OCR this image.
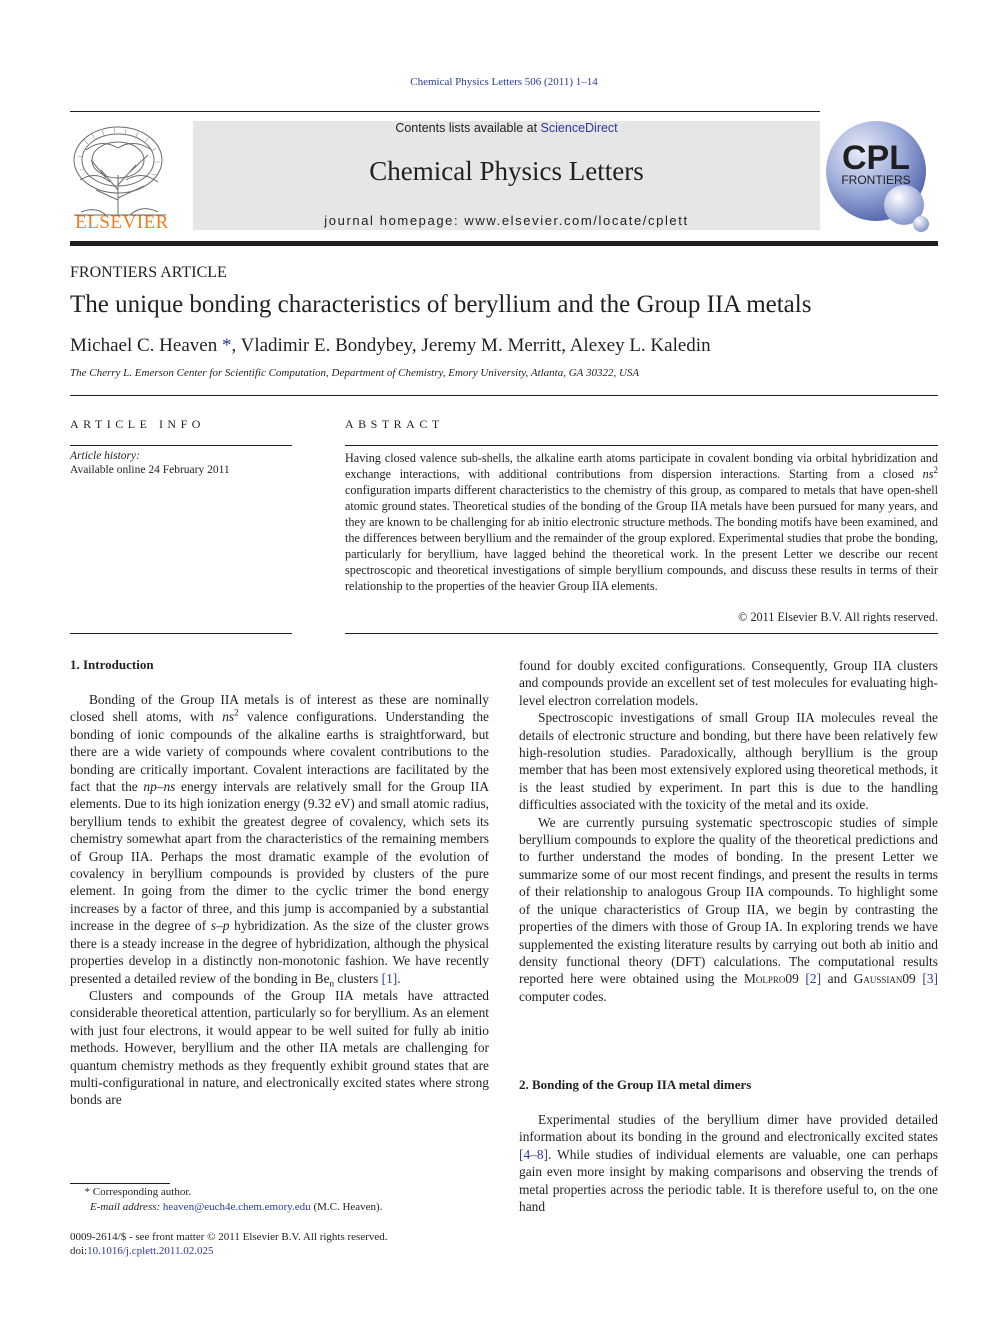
Chemical Physics Letters 506 (2011) 1–14
ELSEVIER
Contents lists available at ScienceDirect
Chemical Physics Letters
journal homepage: www.elsevier.com/locate/cplett
CPL
FRONTIERS
FRONTIERS ARTICLE
The unique bonding characteristics of beryllium and the Group IIA metals
Michael C. Heaven *, Vladimir E. Bondybey, Jeremy M. Merritt, Alexey L. Kaledin
The Cherry L. Emerson Center for Scientific Computation, Department of Chemistry, Emory University, Atlanta, GA 30322, USA
ARTICLE INFO	ABSTRACT
Article history:
Available online 24 February 2011
Having closed valence sub-shells, the alkaline earth atoms participate in covalent bonding via orbital hybridization and exchange interactions, with additional contributions from dispersion interactions. Starting from a closed $ns^2$ configuration imparts different characteristics to the chemistry of this group, as compared to metals that have open-shell atomic ground states. Theoretical studies of the bonding of the Group IIA metals have been pursued for many years, and they are known to be challenging for ab initio electronic structure methods. The bonding motifs have been examined, and the differences between beryllium and the remainder of the group explored. Experimental studies that probe the bonding, particularly for beryllium, have lagged behind the theoretical work. In the present Letter we describe our recent spectroscopic and theoretical investigations of simple beryllium compounds, and discuss these results in terms of their relationship to the properties of the heavier Group IIA elements.
© 2011 Elsevier B.V. All rights reserved.
1. Introduction

Bonding of the Group IIA metals is of interest as these are nominally closed shell atoms, with $ns^2$ valence configurations. Understanding the bonding of ionic compounds of the alkaline earths is straightforward, but there are a wide variety of compounds where covalent contributions to the bonding are critically important. Covalent interactions are facilitated by the fact that the np–ns energy intervals are relatively small for the Group IIA elements. Due to its high ionization energy (9.32 eV) and small atomic radius, beryllium tends to exhibit the greatest degree of covalency, which sets its chemistry somewhat apart from the characteristics of the remaining members of Group IIA. Perhaps the most dramatic example of the evolution of covalency in beryllium compounds is provided by clusters of the pure element. In going from the dimer to the cyclic trimer the bond energy increases by a factor of three, and this jump is accompanied by a substantial increase in the degree of s–p hybridization. As the size of the cluster grows there is a steady increase in the degree of hybridization, although the physical properties develop in a distinctly non-monotonic fashion. We have recently presented a detailed review of the bonding in $Be_n$ clusters [1].

Clusters and compounds of the Group IIA metals have attracted considerable theoretical attention, particularly so for beryllium. As an element with just four electrons, it would appear to be well suited for fully ab initio methods. However, beryllium and the other IIA metals are challenging for quantum chemistry methods as they frequently exhibit ground states that are multi-configurational in nature, and electronically excited states where strong bonds are

found for doubly excited configurations. Consequently, Group IIA clusters and compounds provide an excellent set of test molecules for evaluating high-level electron correlation models.

Spectroscopic investigations of small Group IIA molecules reveal the details of electronic structure and bonding, but there have been relatively few high-resolution studies. Paradoxically, although beryllium is the group member that has been most extensively explored using theoretical methods, it is the least studied by experiment. In part this is due to the handling difficulties associated with the toxicity of the metal and its oxide.

We are currently pursuing systematic spectroscopic studies of simple beryllium compounds to explore the quality of the theoretical predictions and to further understand the modes of bonding. In the present Letter we summarize some of our most recent findings, and present the results in terms of their relationship to analogous Group IIA compounds. To highlight some of the unique characteristics of Group IIA, we begin by contrasting the properties of the dimers with those of Group IA. In exploring trends we have supplemented the existing literature results by carrying out both ab initio and density functional theory (DFT) calculations. The computational results reported here were obtained using the Molpro09 [2] and Gaussian09 [3] computer codes.

2. Bonding of the Group IIA metal dimers

Experimental studies of the beryllium dimer have provided detailed information about its bonding in the ground and electronically excited states [4–8]. While studies of individual elements are valuable, one can perhaps gain even more insight by making comparisons and observing the trends of metal properties across the periodic table. It is therefore useful to, on the one hand

* Corresponding author.
E-mail address: heaven@euch4e.chem.emory.edu (M.C. Heaven).
0009-2614/$ - see front matter © 2011 Elsevier B.V. All rights reserved.
doi:10.1016/j.cplett.2011.02.025
